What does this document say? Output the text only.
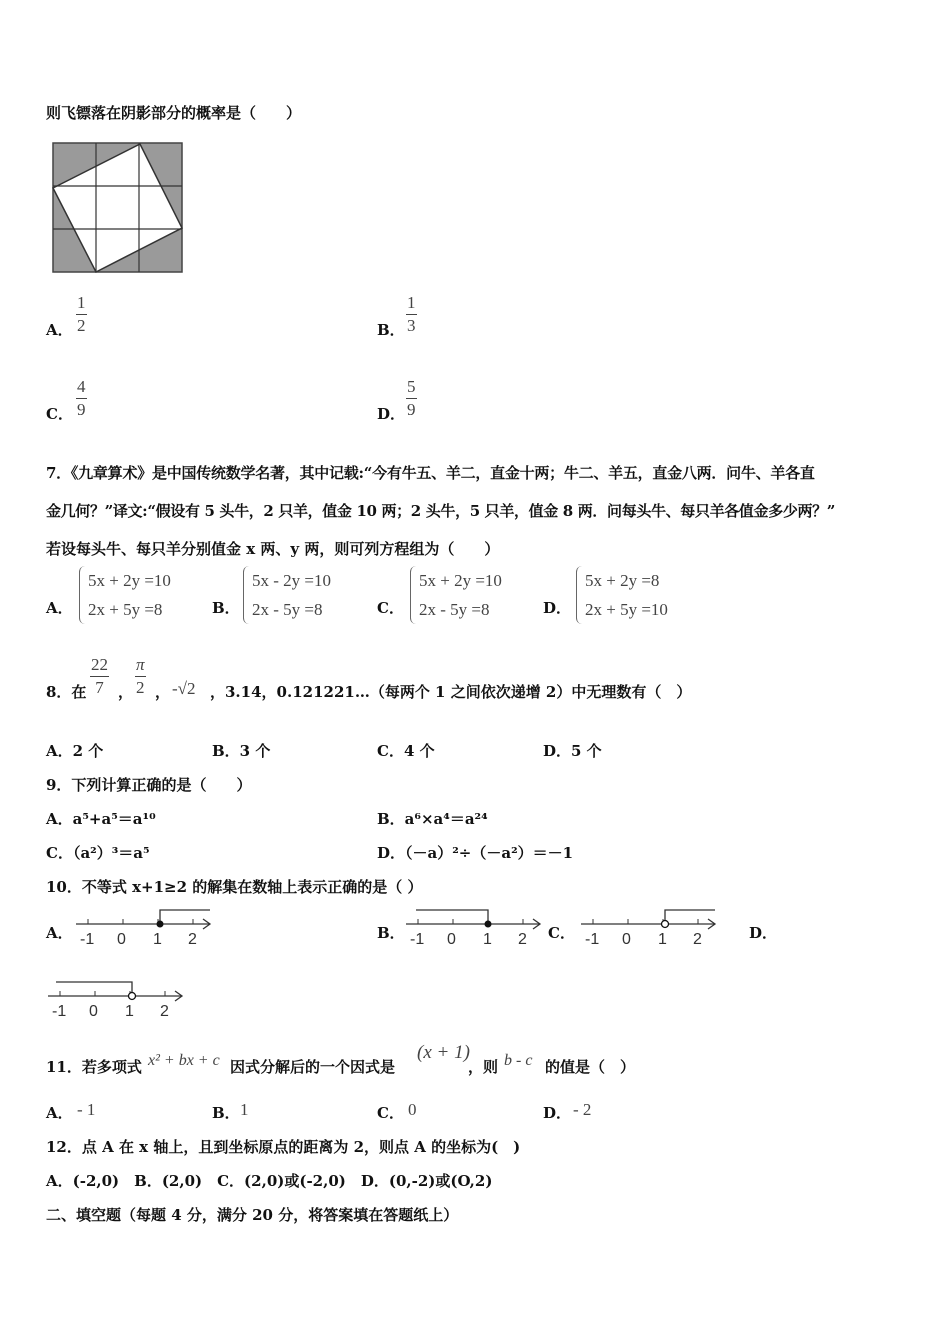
则飞镖落在阴影部分的概率是（　　）
A．
1
2	B．
1
3
C．
4
9	D．
5
9
7．《九章算术》是中国传统数学名著，其中记载:“今有牛五、羊二，直金十两；牛二、羊五，直金八两．问牛、羊各直
金几何？”译文:“假设有 5 头牛，2 只羊，值金 10 两；2 头牛，5 只羊，值金 8 两．问每头牛、每只羊各值金多少两？”
若设每头牛、每只羊分别值金 x 两、y 两，则可列方程组为（　　）
A．
5x + 2y =10
2x + 5y =8	B．
5x - 2y =10
2x - 5y =8	C．
5x + 2y =10
2x - 5y =8	D．
5x + 2y =8
2x + 5y =10
8．在
22
7 ，
π
2 ， -√2 ，3.14，0.121221…（每两个 1 之间依次递增 2）中无理数有（　）
A．2 个	B．3 个	C．4 个	D．5 个
9．下列计算正确的是（　　）
A．a⁵+a⁵＝a¹⁰	B．a⁶×a⁴＝a²⁴
C．（a²）³＝a⁵	D．（－a）²÷（－a²）＝－1
10．不等式 x+1≥2 的解集在数轴上表示正确的是（ ）
A． -1 0 1 2	B． -1 0 1 2 C． -1 0 1 2	D．
-1 0 1 2
11．若多项式 x² + bx + c 因式分解后的一个因式是
(x + 1)
，则 b - c 的值是（　）
A． - 1	B． 1	C． 0	D． - 2
12．点 A 在 x 轴上，且到坐标原点的距离为 2，则点 A 的坐标为(　)
A．(-2,0)　B．(2,0)　C．(2,0)或(-2,0)　D．(0,-2)或(O,2)
二、填空题（每题 4 分，满分 20 分，将答案填在答题纸上）
